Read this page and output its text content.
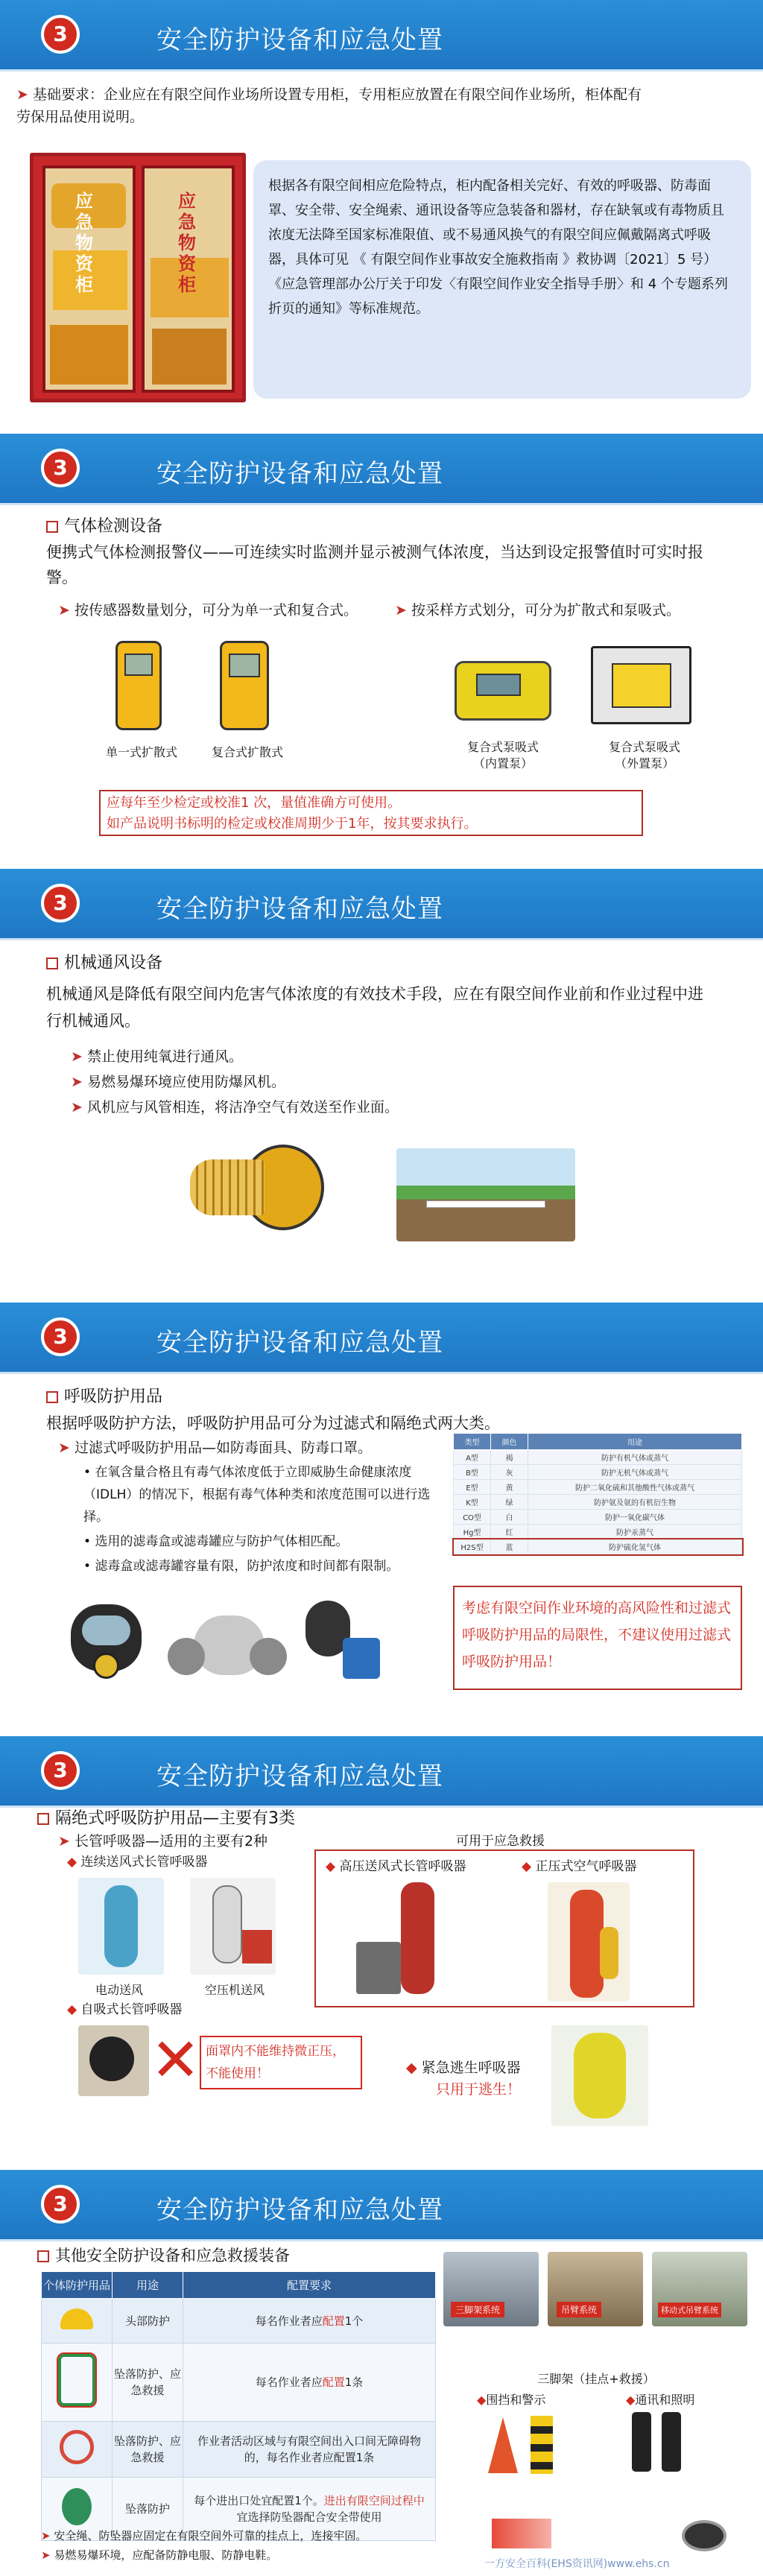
3	安全防护设备和应急处置
➤ 基础要求：企业应在有限空间作业场所设置专用柜，专用柜应放置在有限空间作业场所，柜体配有劳保用品使用说明。
应急物资柜
应急物资柜
根据各有限空间相应危险特点，柜内配备相关完好、有效的呼吸器、防毒面罩、安全带、安全绳索、通讯设备等应急装备和器材，存在缺氧或有毒物质且浓度无法降至国家标准限值、或不易通风换气的有限空间应佩戴隔离式呼吸器，具体可见 《 有限空间作业事故安全施救指南 》救协调〔2021〕5 号）《应急管理部办公厅关于印发〈有限空间作业安全指导手册〉和 4 个专题系列折页的通知》等标准规范。
3	安全防护设备和应急处置
气体检测设备
便携式气体检测报警仪——可连续实时监测并显示被测气体浓度，当达到设定报警值时可实时报警。
➤ 按传感器数量划分，可分为单一式和复合式。	➤ 按采样方式划分，可分为扩散式和泵吸式。
单一式扩散式	复合式扩散式	复合式泵吸式
（内置泵）
复合式泵吸式
（外置泵）
应每年至少检定或校准1 次，量值准确方可使用。
如产品说明书标明的检定或校准周期少于1年，按其要求执行。
3	安全防护设备和应急处置
机械通风设备
机械通风是降低有限空间内危害气体浓度的有效技术手段，应在有限空间作业前和作业过程中进行机械通风。
➤ 禁止使用纯氧进行通风。
➤ 易燃易爆环境应使用防爆风机。
➤ 风机应与风管相连，将洁净空气有效送至作业面。
3	安全防护设备和应急处置
呼吸防护用品
根据呼吸防护方法，呼吸防护用品可分为过滤式和隔绝式两大类。
➤ 过滤式呼吸防护用品—如防毒面具、防毒口罩。
• 在氧含量合格且有毒气体浓度低于立即威胁生命健康浓度（IDLH）的情况下，根据有毒气体种类和浓度范围可以进行选择。
• 选用的滤毒盒或滤毒罐应与防护气体相匹配。
• 滤毒盒或滤毒罐容量有限，防护浓度和时间都有限制。
类型	颜色	用途
A型	褐	防护有机气体或蒸气
B型	灰	防护无机气体或蒸气
E型	黄	防护二氧化硫和其他酸性气体或蒸气
K型	绿	防护氨及氨的有机衍生物
CO型	白	防护一氧化碳气体
Hg型	红	防护汞蒸气
H2S型	蓝	防护硫化氢气体
考虑有限空间作业环境的高风险性和过滤式呼吸防护用品的局限性，不建议使用过滤式呼吸防护用品！
3	安全防护设备和应急处置
隔绝式呼吸防护用品—主要有3类
➤ 长管呼吸器—适用的主要有2种
◆ 连续送风式长管呼吸器
电动送风	空压机送风
◆ 自吸式长管呼吸器
✕ 面罩内不能维持微正压，不能使用！
可用于应急救援
◆ 高压送风式长管呼吸器	◆ 正压式空气呼吸器
◆ 紧急逃生呼吸器
只用于逃生！
3	安全防护设备和应急处置
其他安全防护设备和应急救援装备
个体防护用品	用途	配置要求
	头部防护	每名作业者应配置1个
	坠落防护、应急救援	每名作业者应配置1条
	坠落防护、应急救援	作业者活动区域与有限空间出入口间无障碍物的，每名作业者应配置1条
	坠落防护	每个进出口处宜配置1个。进出有限空间过程中宜选择防坠器配合安全带使用
三脚架系统	吊臂系统	移动式吊臂系统
三脚架（挂点+救援）
◆围挡和警示	◆通讯和照明
➤ 安全绳、防坠器应固定在有限空间外可靠的挂点上，连接牢固。
➤ 易燃易爆环境，应配备防静电服、防静电鞋。
一方安全百科(EHS资讯网)www.ehs.cn
